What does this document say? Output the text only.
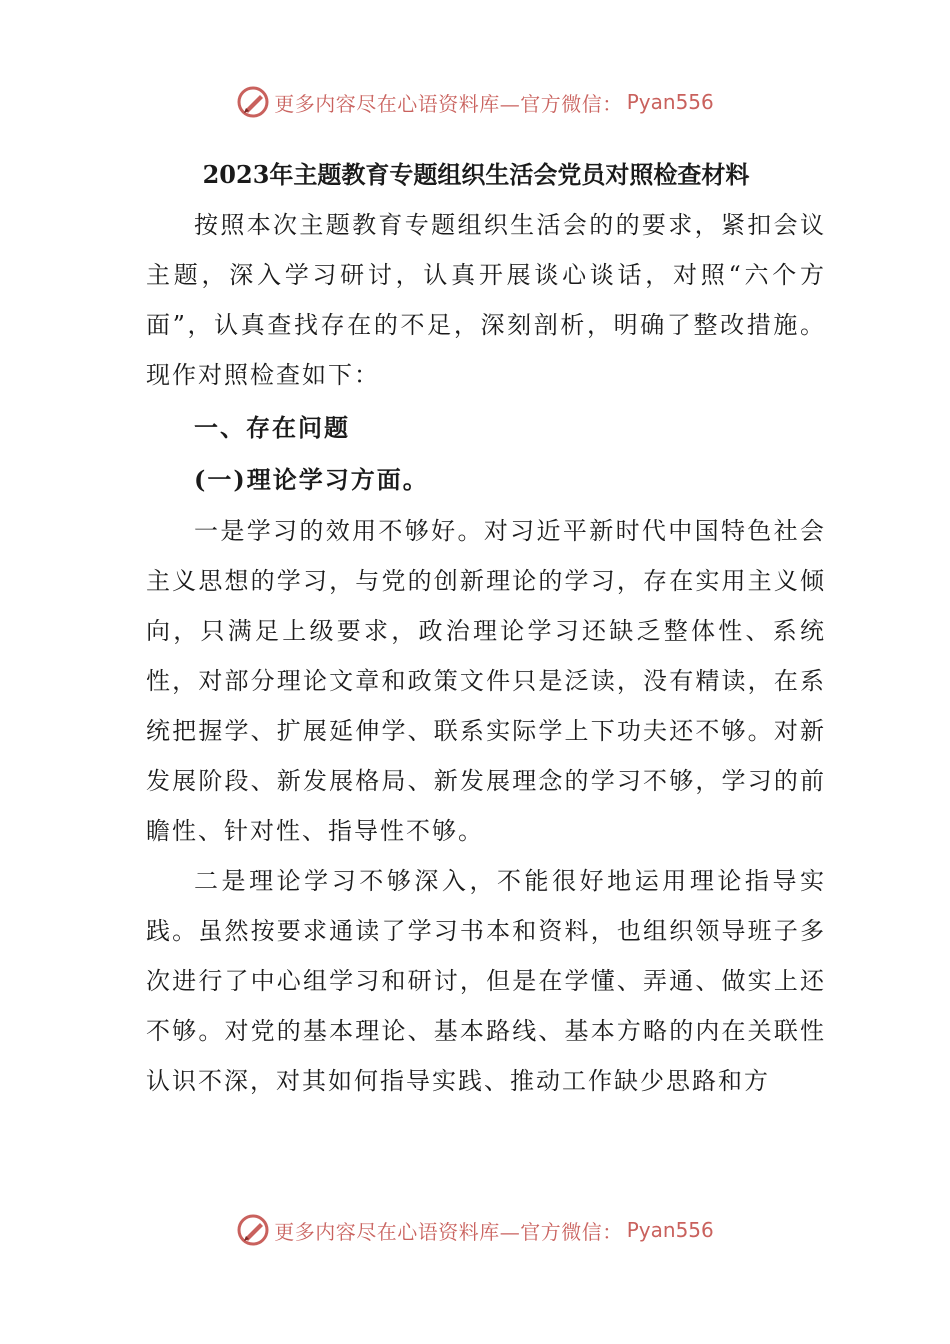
更多内容尽在心语资料库—官方微信： Pyan556
2023年主题教育专题组织生活会党员对照检查材料

按照本次主题教育专题组织生活会的的要求，紧扣会议主题，深入学习研讨，认真开展谈心谈话，对照“六个方面”，认真查找存在的不足，深刻剖析，明确了整改措施。现作对照检查如下：

一、存在问题

(一)理论学习方面。

一是学习的效用不够好。对习近平新时代中国特色社会主义思想的学习，与党的创新理论的学习，存在实用主义倾向，只满足上级要求，政治理论学习还缺乏整体性、系统性，对部分理论文章和政策文件只是泛读，没有精读，在系统把握学、扩展延伸学、联系实际学上下功夫还不够。对新发展阶段、新发展格局、新发展理念的学习不够，学习的前瞻性、针对性、指导性不够。

二是理论学习不够深入，不能很好地运用理论指导实践。虽然按要求通读了学习书本和资料，也组织领导班子多次进行了中心组学习和研讨，但是在学懂、弄通、做实上还不够。对党的基本理论、基本路线、基本方略的内在关联性认识不深，对其如何指导实践、推动工作缺少思路和方

更多内容尽在心语资料库—官方微信： Pyan556
